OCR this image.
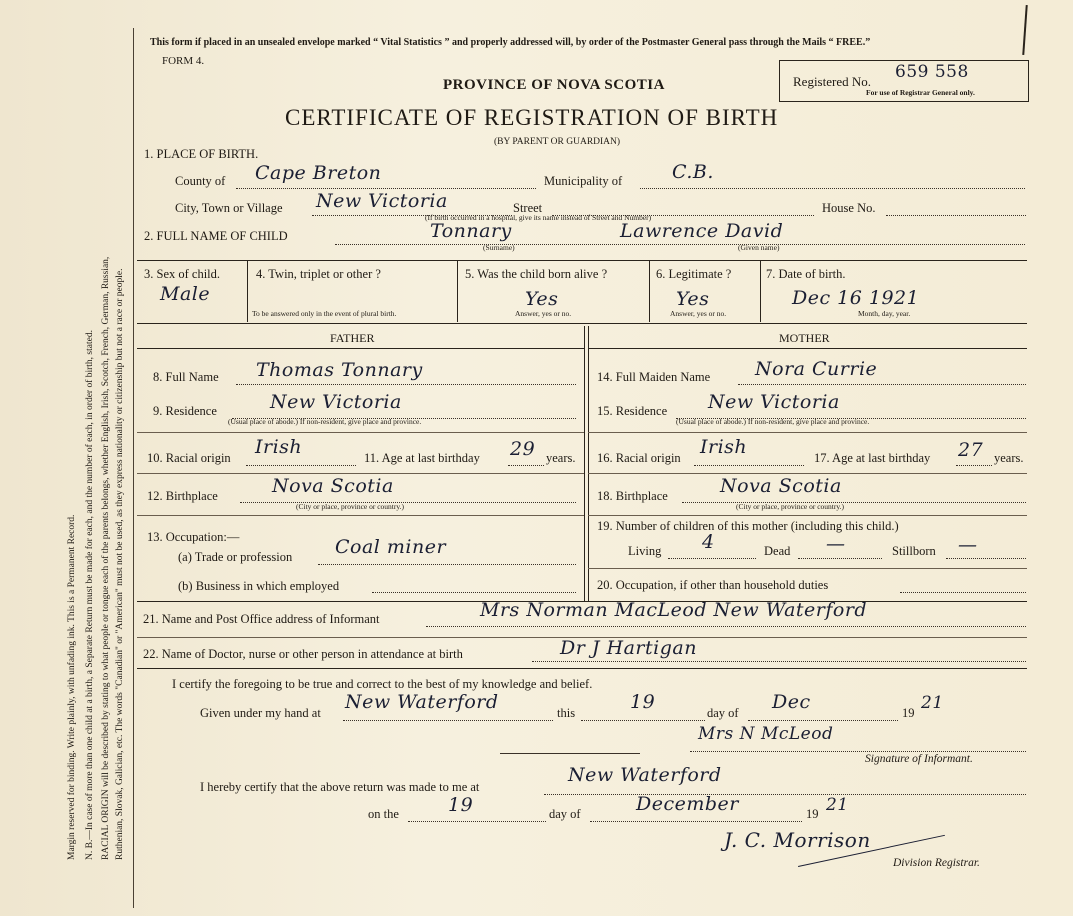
Margin reserved for binding. Write plainly, with unfading ink. This is a Permanent Record. N. B.—In case of more than one child at a birth, a Separate Return must be made for each, and the number of each, in order of birth, stated. RACIAL ORIGIN will be described by stating to what people or tongue each of the parents belongs, whether English, Irish, Scotch, French, German, Russian, Ruthenian, Slovak, Galician, etc. The words "Canadian" or "American" must not be used, as they express nationality or citizenship but not a race or people.
This form if placed in an unsealed envelope marked “ Vital Statistics ” and properly addressed will, by order of the Postmaster General pass through the Mails “ FREE.”
FORM 4.
PROVINCE OF NOVA SCOTIA
CERTIFICATE OF REGISTRATION OF BIRTH
(BY PARENT OR GUARDIAN)
Registered No. 659 558
For use of Registrar General only.
1. PLACE OF BIRTH.
County of Cape Breton	Municipality of	C.B.
City, Town or Village New Victoria	Street	House No.
(If birth occurred in a hospital, give its name instead of Street and Number)
2. FULL NAME OF CHILD	Tonnary	Lawrence David
(Surname)	(Given name)
3. Sex of child.
Male
4. Twin, triplet or other ?
To be answered only in the event of plural birth.
5. Was the child born alive ?
Yes
Answer, yes or no.
6. Legitimate ?
Yes
Answer, yes or no.
7. Date of birth.
Dec 16 1921
Month, day, year.
FATHER	MOTHER
8. Full Name Thomas Tonnary
9. Residence	New Victoria
(Usual place of abode.) If non-resident, give place and province.
10. Racial origin Irish	11. Age at last birthday 29 years.
12. Birthplace	Nova Scotia
(City or place, province or country.)
13. Occupation:—
(a) Trade or profession Coal miner
(b) Business in which employed
14. Full Maiden Name Nora Currie
15. Residence New Victoria
(Usual place of abode.) If non-resident, give place and province.
16. Racial origin Irish	17. Age at last birthday 27 years.
18. Birthplace	Nova Scotia
(City or place, province or country.)
19. Number of children of this mother (including this child.)
Living 4	Dead —	Stillborn —
20. Occupation, if other than household duties
21. Name and Post Office address of Informant	Mrs Norman MacLeod New Waterford
22. Name of Doctor, nurse or other person in attendance at birth	Dr J Hartigan
I certify the foregoing to be true and correct to the best of my knowledge and belief.
Given under my hand at New Waterford	this	19	day of Dec	19 21
Mrs N McLeod
Signature of Informant.
I hereby certify that the above return was made to me at
New Waterford
on the	19	day of	December	19 21
J. C. Morrison
Division Registrar.
